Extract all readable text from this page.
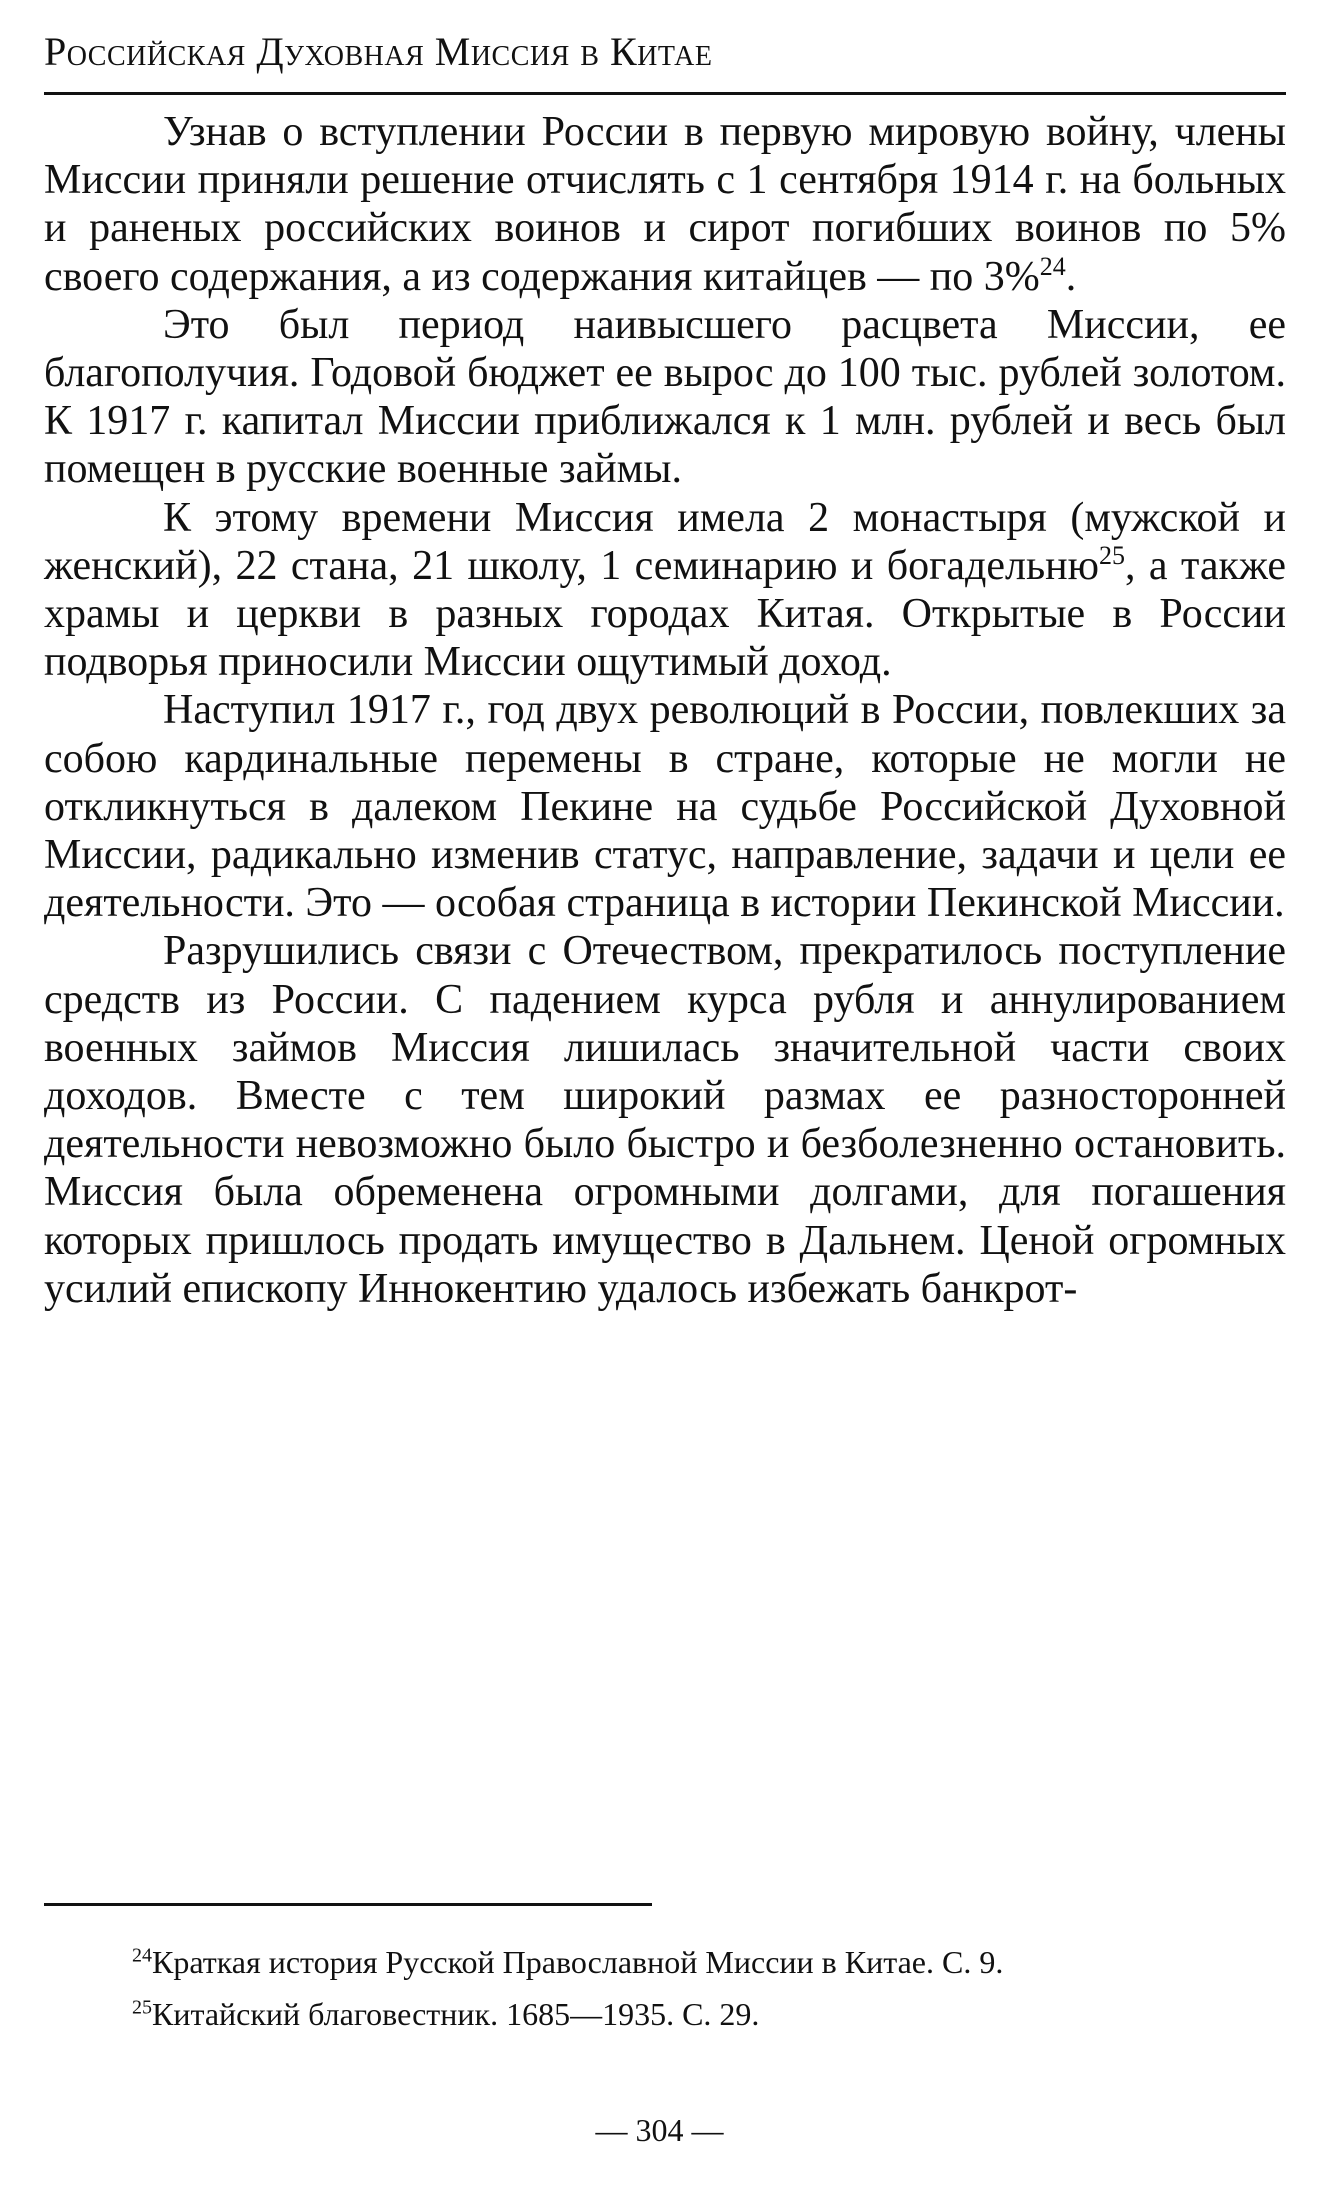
Российская Духовная Миссия в Китае

Узнав о вступлении России в первую мировую войну, члены Миссии приняли решение отчислять с 1 сентября 1914 г. на больных и раненых российских воинов и сирот погибших воинов по 5% своего содержания, а из содержания китайцев — по 3%$^{24}$.

Это был период наивысшего расцвета Миссии, ее благополучия. Годовой бюджет ее вырос до 100 тыс. рублей золотом. К 1917 г. капитал Миссии приближался к 1 млн. рублей и весь был помещен в русские военные займы.

К этому времени Миссия имела 2 монастыря (мужской и женский), 22 стана, 21 школу, 1 семинарию и богадельню$^{25}$, а также храмы и церкви в разных городах Китая. Открытые в России подворья приносили Миссии ощутимый доход.

Наступил 1917 г., год двух революций в России, повлекших за собою кардинальные перемены в стране, которые не могли не откликнуться в далеком Пекине на судьбе Российской Духовной Миссии, радикально изменив статус, направление, задачи и цели ее деятельности. Это — особая страница в истории Пекинской Миссии.

Разрушились связи с Отечеством, прекратилось поступление средств из России. С падением курса рубля и аннулированием военных займов Миссия лишилась значительной части своих доходов. Вместе с тем широкий размах ее разносторонней деятельности невозможно было быстро и безболезненно остановить. Миссия была обременена огромными долгами, для погашения которых пришлось продать имущество в Дальнем. Ценой огромных усилий епископу Иннокентию удалось избежать банкрот-

$^{24}$Краткая история Русской Православной Миссии в Китае. С. 9.

$^{25}$Китайский благовестник. 1685—1935. С. 29.

— 304 —
